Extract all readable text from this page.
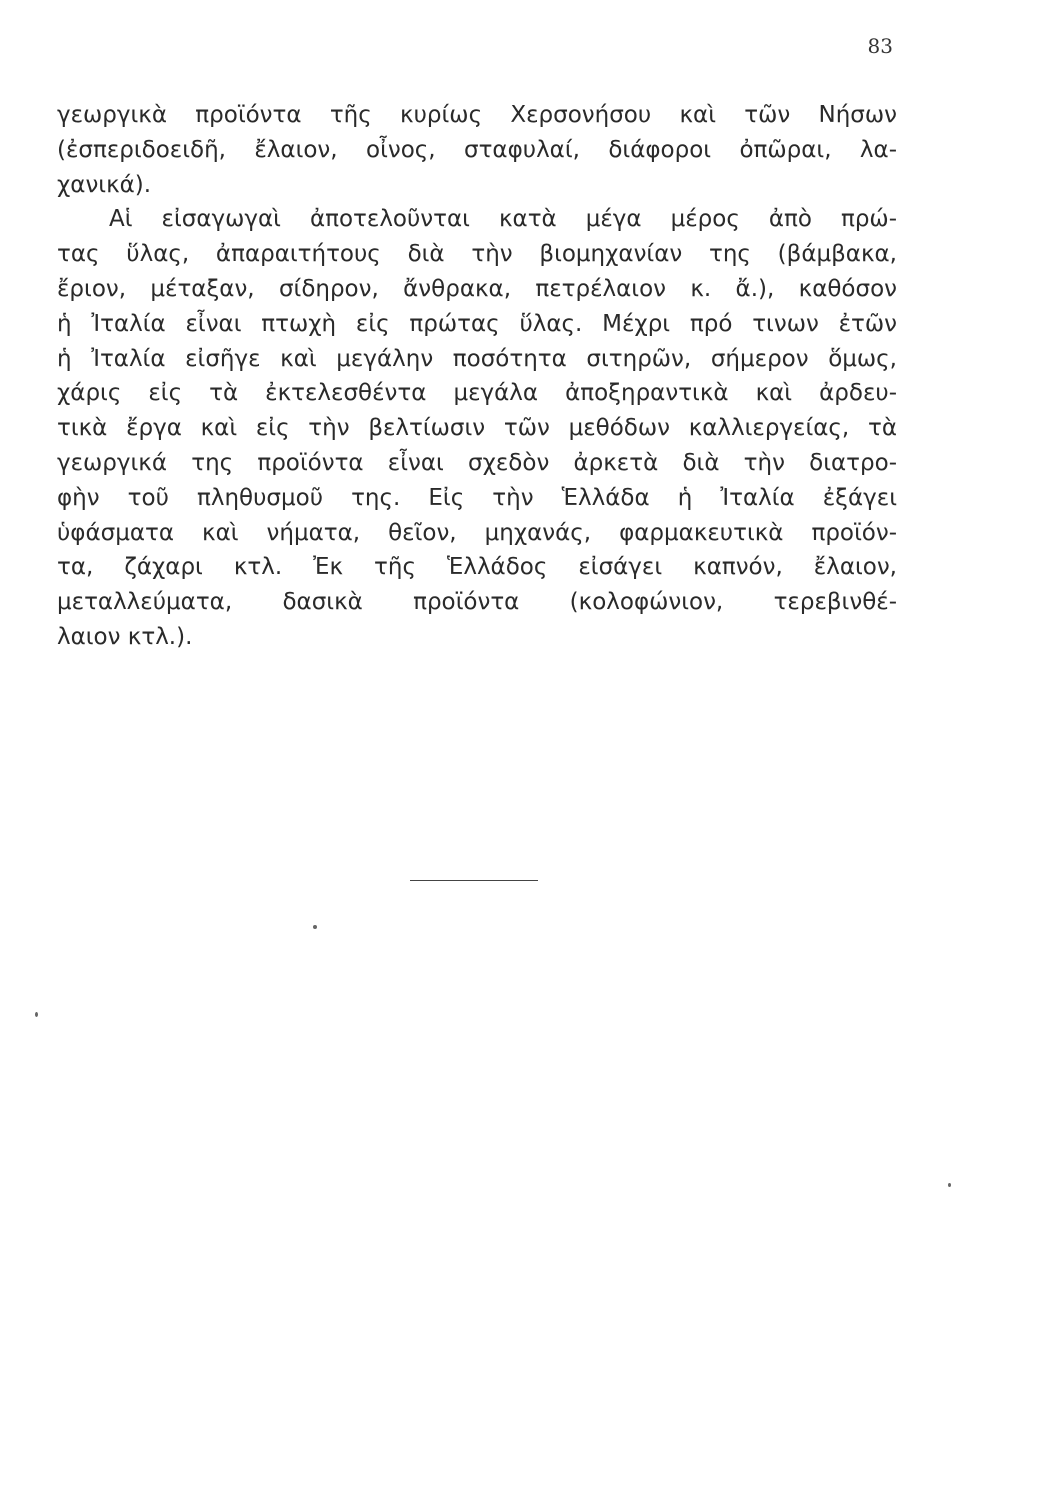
83
γεωργικὰ προϊόντα τῆς κυρίως Χερσονήσου καὶ τῶν Νήσων
(ἐσπεριδοειδῆ, ἔλαιον, οἶνος, σταφυλαί, διάφοροι ὀπῶραι, λα-
χανικά).
Αἱ εἰσαγωγαὶ ἀποτελοῦνται κατὰ μέγα μέρος ἀπὸ πρώ-
τας ὕλας, ἀπαραιτήτους διὰ τὴν βιομηχανίαν της (βάμβακα,
ἔριον, μέταξαν, σίδηρον, ἄνθρακα, πετρέλαιον κ. ἄ.), καθόσον
ἡ Ἰταλία εἶναι πτωχὴ εἰς πρώτας ὕλας. Μέχρι πρό τινων ἐτῶν
ἡ Ἰταλία εἰσῆγε καὶ μεγάλην ποσότητα σιτηρῶν, σήμερον ὅμως,
χάρις εἰς τὰ ἐκτελεσθέντα μεγάλα ἀποξηραντικὰ καὶ ἀρδευ-
τικὰ ἔργα καὶ εἰς τὴν βελτίωσιν τῶν μεθόδων καλλιεργείας, τὰ
γεωργικά της προϊόντα εἶναι σχεδὸν ἀρκετὰ διὰ τὴν διατρο-
φὴν τοῦ πληθυσμοῦ της. Εἰς τὴν Ἑλλάδα ἡ Ἰταλία ἐξάγει
ὑφάσματα καὶ νήματα, θεῖον, μηχανάς, φαρμακευτικὰ προϊόν-
τα, ζάχαρι κτλ. Ἐκ τῆς Ἑλλάδος εἰσάγει καπνόν, ἔλαιον,
μεταλλεύματα, δασικὰ προϊόντα (κολοφώνιον, τερεβινθέ-
λαιον κτλ.).
